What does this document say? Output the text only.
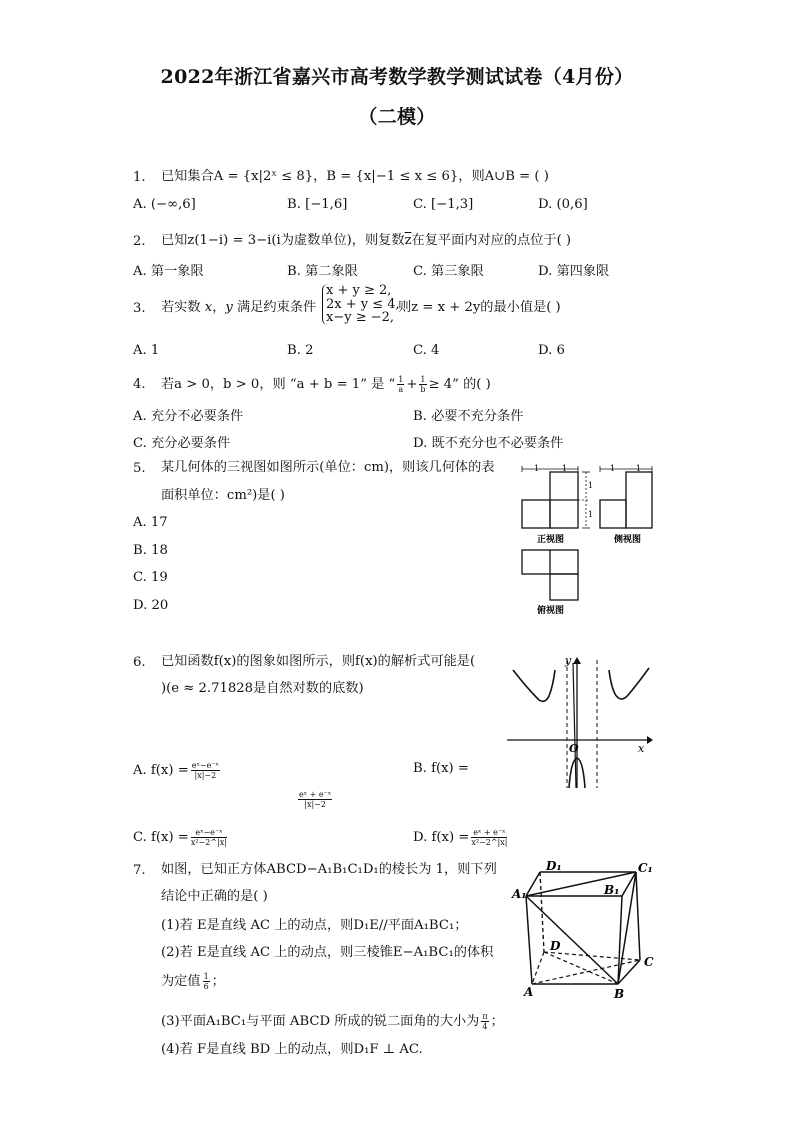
2022年浙江省嘉兴市高考数学教学测试试卷（4月份）
（二模）
1. 已知集合A = {x|2ˣ ≤ 8}，B = {x|−1 ≤ x ≤ 6}，则A∪B = ( )
A. (−∞,6]	B. [−1,6]	C. [−1,3]	D. (0,6]
2. 已知z(1−i) = 3−i(i为虚数单位)，则复数$\overline{z}$在复平面内对应的点位于( )
A. 第一象限	B. 第二象限	C. 第三象限	D. 第四象限
3. 若实数 x，y 满足约束条件
x + y ≥ 2,
2x + y ≤ 4,
x−y ≥ −2,
则z = x + 2y的最小值是( )
A. 1	B. 2	C. 4	D. 6
4. 若a > 0，b > 0，则 “a + b = 1” 是 “ $\frac{1}{a} + \frac{1}{b} \ge 4$” 的( )
A. 充分不必要条件	B. 必要不充分条件
C. 充分必要条件	D. 既不充分也不必要条件
5. 某几何体的三视图如图所示(单位：cm)，则该几何体的表
面积单位：cm²)是( )
A. 17
B. 18
C. 19
D. 20
1	1
1
1
正视图
1	1
侧视图
俯视图
6. 已知函数f(x)的图象如图所示，则f(x)的解析式可能是(
)(e ≈ 2.71828是自然对数的底数)
A. $f(x) = \frac{\text{eˣ−e⁻ˣ}}{|x|-2}$	B. f(x) =
$\frac{\text{eˣ + e⁻ˣ}}{|x|-2}$
C. $f(x) = \frac{\text{eˣ−e⁻ˣ}}{\text{x²−2\textasciicircum{}|x|}}$	D. $f(x) = \frac{\text{eˣ + e⁻ˣ}}{\text{x²−2\textasciicircum{}|x|}}$
x
y
O
7. 如图，已知正方体ABCD−A₁B₁C₁D₁的棱长为 1，则下列
结论中正确的是( )
(1)若 E是直线 AC 上的动点，则D₁E//平面A₁BC₁；
(2)若 E是直线 AC 上的动点，则三棱锥E−A₁BC₁的体积
为定值 $\frac{1}{6}$ ；
(3)平面A₁BC₁与平面 ABCD 所成的锐二面角的大小为 $\frac{\pi}{4}$ ；
(4)若 F是直线 BD 上的动点，则D₁F ⊥ AC.
D₁	C₁
A₁	B₁
D
C
A	B
